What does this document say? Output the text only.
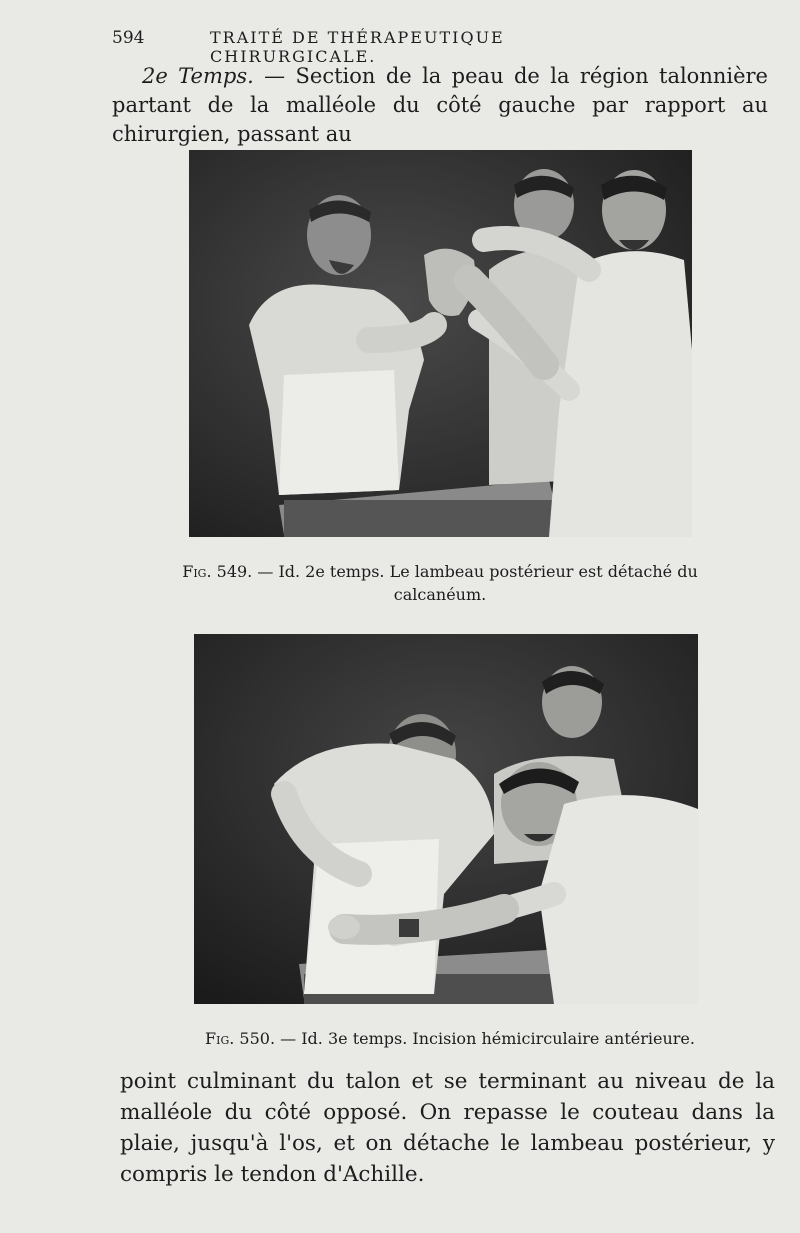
594	TRAITÉ DE THÉRAPEUTIQUE CHIRURGICALE.

2e Temps. — Section de la peau de la région talonnière partant de la malléole du côté gauche par rapport au chirurgien, passant au

Fig. 549. — Id. 2e temps. Le lambeau postérieur est détaché du calcanéum.
Fig. 550. — Id. 3e temps. Incision hémicirculaire antérieure.

point culminant du talon et se terminant au niveau de la malléole du côté opposé. On repasse le couteau dans la plaie, jusqu'à l'os, et on détache le lambeau postérieur, y compris le tendon d'Achille.
